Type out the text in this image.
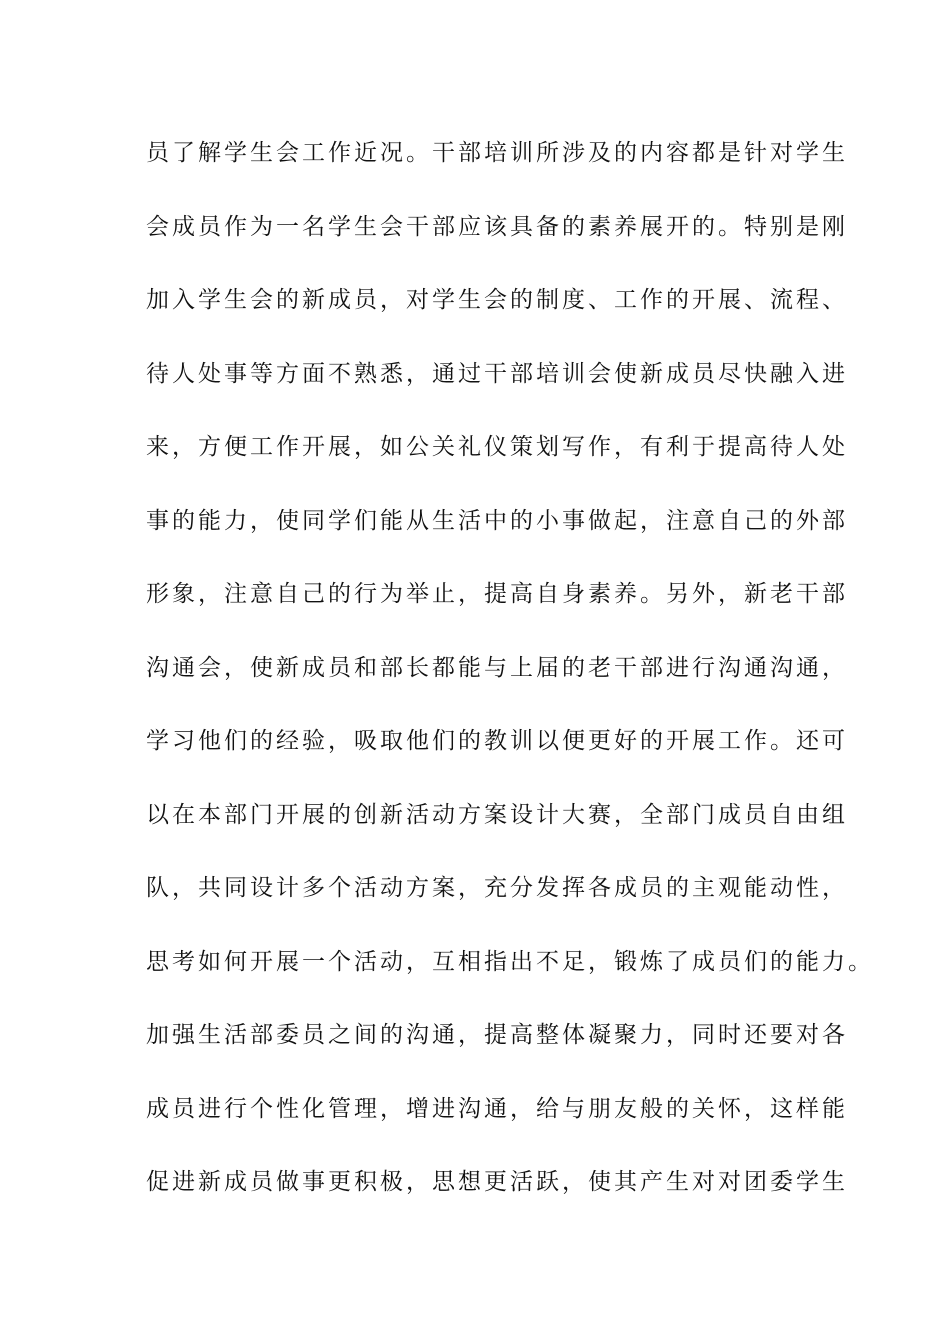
员了解学生会工作近况。干部培训所涉及的内容都是针对学生
会成员作为一名学生会干部应该具备的素养展开的。特别是刚
加入学生会的新成员，对学生会的制度、工作的开展、流程、
待人处事等方面不熟悉，通过干部培训会使新成员尽快融入进
来，方便工作开展，如公关礼仪策划写作，有利于提高待人处
事的能力，使同学们能从生活中的小事做起，注意自己的外部
形象，注意自己的行为举止，提高自身素养。另外，新老干部
沟通会，使新成员和部长都能与上届的老干部进行沟通沟通，
学习他们的经验，吸取他们的教训以便更好的开展工作。还可
以在本部门开展的创新活动方案设计大赛，全部门成员自由组
队，共同设计多个活动方案，充分发挥各成员的主观能动性，
思考如何开展一个活动，互相指出不足，锻炼了成员们的能力。
加强生活部委员之间的沟通，提高整体凝聚力，同时还要对各
成员进行个性化管理，增进沟通，给与朋友般的关怀，这样能
促进新成员做事更积极，思想更活跃，使其产生对对团委学生
